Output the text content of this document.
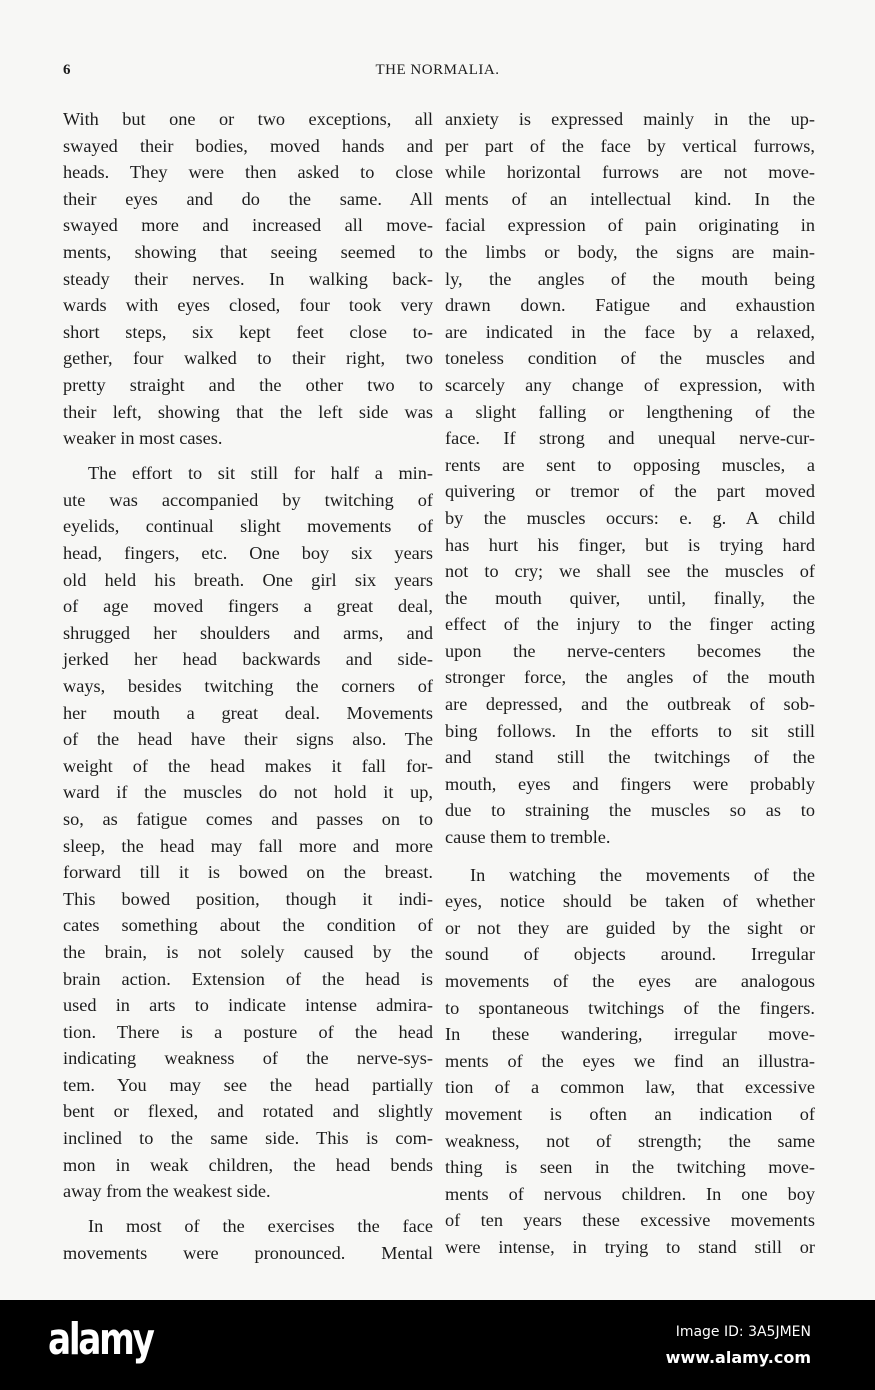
6	THE NORMALIA.
With but one or two exceptions, all
swayed their bodies, moved hands and
heads. They were then asked to close
their eyes and do the same. All
swayed more and increased all move-
ments, showing that seeing seemed to
steady their nerves. In walking back-
wards with eyes closed, four took very
short steps, six kept feet close to-
gether, four walked to their right, two
pretty straight and the other two to
their left, showing that the left side was
weaker in most cases.
The effort to sit still for half a min-
ute was accompanied by twitching of
eyelids, continual slight movements of
head, fingers, etc. One boy six years
old held his breath. One girl six years
of age moved fingers a great deal,
shrugged her shoulders and arms, and
jerked her head backwards and side-
ways, besides twitching the corners of
her mouth a great deal. Movements
of the head have their signs also. The
weight of the head makes it fall for-
ward if the muscles do not hold it up,
so, as fatigue comes and passes on to
sleep, the head may fall more and more
forward till it is bowed on the breast.
This bowed position, though it indi-
cates something about the condition of
the brain, is not solely caused by the
brain action. Extension of the head is
used in arts to indicate intense admira-
tion. There is a posture of the head
indicating weakness of the nerve-sys-
tem. You may see the head partially
bent or flexed, and rotated and slightly
inclined to the same side. This is com-
mon in weak children, the head bends
away from the weakest side.
In most of the exercises the face
movements were pronounced. Mental
anxiety is expressed mainly in the up-
per part of the face by vertical furrows,
while horizontal furrows are not move-
ments of an intellectual kind. In the
facial expression of pain originating in
the limbs or body, the signs are main-
ly, the angles of the mouth being
drawn down. Fatigue and exhaustion
are indicated in the face by a relaxed,
toneless condition of the muscles and
scarcely any change of expression, with
a slight falling or lengthening of the
face. If strong and unequal nerve-cur-
rents are sent to opposing muscles, a
quivering or tremor of the part moved
by the muscles occurs: e. g. A child
has hurt his finger, but is trying hard
not to cry; we shall see the muscles of
the mouth quiver, until, finally, the
effect of the injury to the finger acting
upon the nerve-centers becomes the
stronger force, the angles of the mouth
are depressed, and the outbreak of sob-
bing follows. In the efforts to sit still
and stand still the twitchings of the
mouth, eyes and fingers were probably
due to straining the muscles so as to
cause them to tremble.
In watching the movements of the
eyes, notice should be taken of whether
or not they are guided by the sight or
sound of objects around. Irregular
movements of the eyes are analogous
to spontaneous twitchings of the fingers.
In these wandering, irregular move-
ments of the eyes we find an illustra-
tion of a common law, that excessive
movement is often an indication of
weakness, not of strength; the same
thing is seen in the twitching move-
ments of nervous children. In one boy
of ten years these excessive movements
were intense, in trying to stand still or
alamy	Image ID: 3A5JMEN
www.alamy.com
